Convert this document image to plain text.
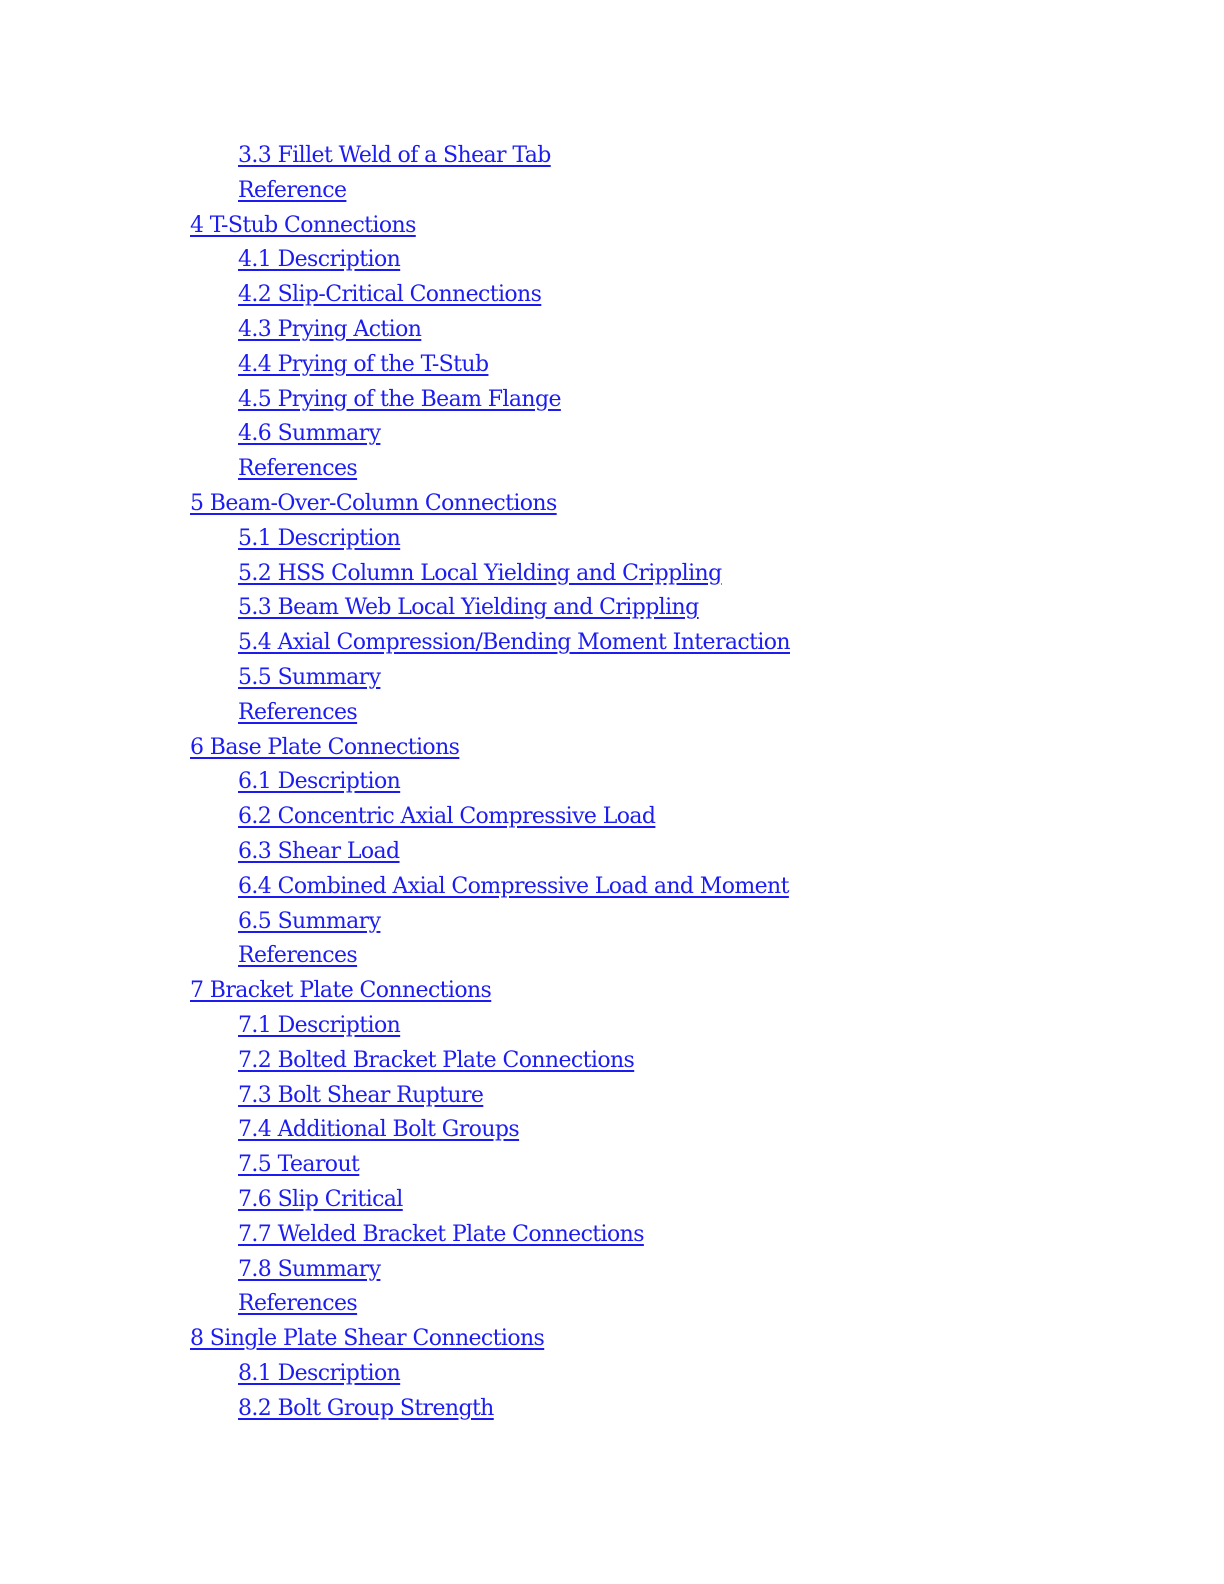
3.3 Fillet Weld of a Shear Tab
Reference
4 T-Stub Connections
4.1 Description
4.2 Slip-Critical Connections
4.3 Prying Action
4.4 Prying of the T-Stub
4.5 Prying of the Beam Flange
4.6 Summary
References
5 Beam-Over-Column Connections
5.1 Description
5.2 HSS Column Local Yielding and Crippling
5.3 Beam Web Local Yielding and Crippling
5.4 Axial Compression/Bending Moment Interaction
5.5 Summary
References
6 Base Plate Connections
6.1 Description
6.2 Concentric Axial Compressive Load
6.3 Shear Load
6.4 Combined Axial Compressive Load and Moment
6.5 Summary
References
7 Bracket Plate Connections
7.1 Description
7.2 Bolted Bracket Plate Connections
7.3 Bolt Shear Rupture
7.4 Additional Bolt Groups
7.5 Tearout
7.6 Slip Critical
7.7 Welded Bracket Plate Connections
7.8 Summary
References
8 Single Plate Shear Connections
8.1 Description
8.2 Bolt Group Strength
